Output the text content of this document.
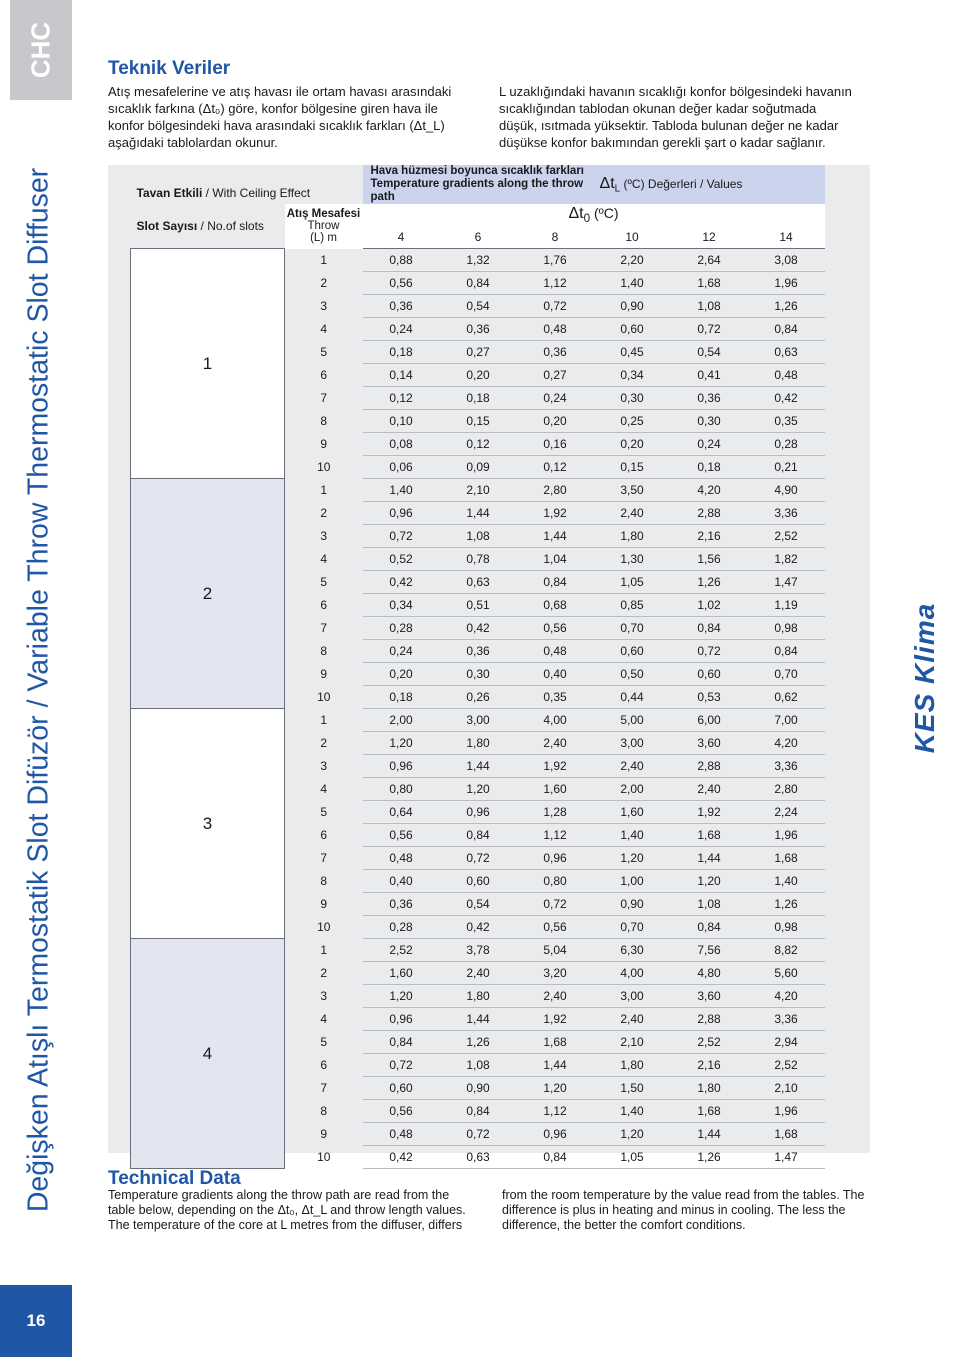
CHC
Değişken Atışlı Termostatik Slot Difüzör / Variable Throw Thermostatic Slot Diffuser
16
KES Klima
Teknik Veriler

Atış mesafelerine ve atış havası ile ortam havası arasındaki

sıcaklık farkına (Δt₀) göre, konfor bölgesine giren hava ile

konfor bölgesindeki hava arasındaki sıcaklık farkları (Δt_L)

aşağıdaki tablolardan okunur.

L uzaklığındaki havanın sıcaklığı konfor bölgesindeki havanın

sıcaklığından tablodan okunan değer kadar soğutmada

düşük, ısıtmada yüksektir. Tabloda bulunan değer ne kadar

düşükse konfor bakımından gerekli şart o kadar sağlanır.

Tavan Etkili / With Ceiling Effect		Hava hüzmesi boyunca sıcaklık farkları
Temperature gradients along the throw path			$\Delta t_L$ (ºC) Değerleri / Values		
Slot Sayısı / No.of slots	Atış Mesafesi
Throw
(L) m	$\Delta t_0$ (ºC)					
		4	6	8	10	12	14
1	1	0,88	1,32	1,76	2,20	2,64	3,08
	2	0,56	0,84	1,12	1,40	1,68	1,96
	3	0,36	0,54	0,72	0,90	1,08	1,26
	4	0,24	0,36	0,48	0,60	0,72	0,84
	5	0,18	0,27	0,36	0,45	0,54	0,63
	6	0,14	0,20	0,27	0,34	0,41	0,48
	7	0,12	0,18	0,24	0,30	0,36	0,42
	8	0,10	0,15	0,20	0,25	0,30	0,35
	9	0,08	0,12	0,16	0,20	0,24	0,28
	10	0,06	0,09	0,12	0,15	0,18	0,21
2	1	1,40	2,10	2,80	3,50	4,20	4,90
	2	0,96	1,44	1,92	2,40	2,88	3,36
	3	0,72	1,08	1,44	1,80	2,16	2,52
	4	0,52	0,78	1,04	1,30	1,56	1,82
	5	0,42	0,63	0,84	1,05	1,26	1,47
	6	0,34	0,51	0,68	0,85	1,02	1,19
	7	0,28	0,42	0,56	0,70	0,84	0,98
	8	0,24	0,36	0,48	0,60	0,72	0,84
	9	0,20	0,30	0,40	0,50	0,60	0,70
	10	0,18	0,26	0,35	0,44	0,53	0,62
3	1	2,00	3,00	4,00	5,00	6,00	7,00
	2	1,20	1,80	2,40	3,00	3,60	4,20
	3	0,96	1,44	1,92	2,40	2,88	3,36
	4	0,80	1,20	1,60	2,00	2,40	2,80
	5	0,64	0,96	1,28	1,60	1,92	2,24
	6	0,56	0,84	1,12	1,40	1,68	1,96
	7	0,48	0,72	0,96	1,20	1,44	1,68
	8	0,40	0,60	0,80	1,00	1,20	1,40
	9	0,36	0,54	0,72	0,90	1,08	1,26
	10	0,28	0,42	0,56	0,70	0,84	0,98
4	1	2,52	3,78	5,04	6,30	7,56	8,82
	2	1,60	2,40	3,20	4,00	4,80	5,60
	3	1,20	1,80	2,40	3,00	3,60	4,20
	4	0,96	1,44	1,92	2,40	2,88	3,36
	5	0,84	1,26	1,68	2,10	2,52	2,94
	6	0,72	1,08	1,44	1,80	2,16	2,52
	7	0,60	0,90	1,20	1,50	1,80	2,10
	8	0,56	0,84	1,12	1,40	1,68	1,96
	9	0,48	0,72	0,96	1,20	1,44	1,68
	10	0,42	0,63	0,84	1,05	1,26	1,47
Technical Data

Temperature gradients along the throw path are read from the

table below, depending on the Δt₀, Δt_L and throw length values.

The temperature of the core at L metres from the diffuser, differs

from the room temperature by the value read from the tables. The

difference is plus in heating and minus in cooling. The less the

difference, the better the comfort conditions.
